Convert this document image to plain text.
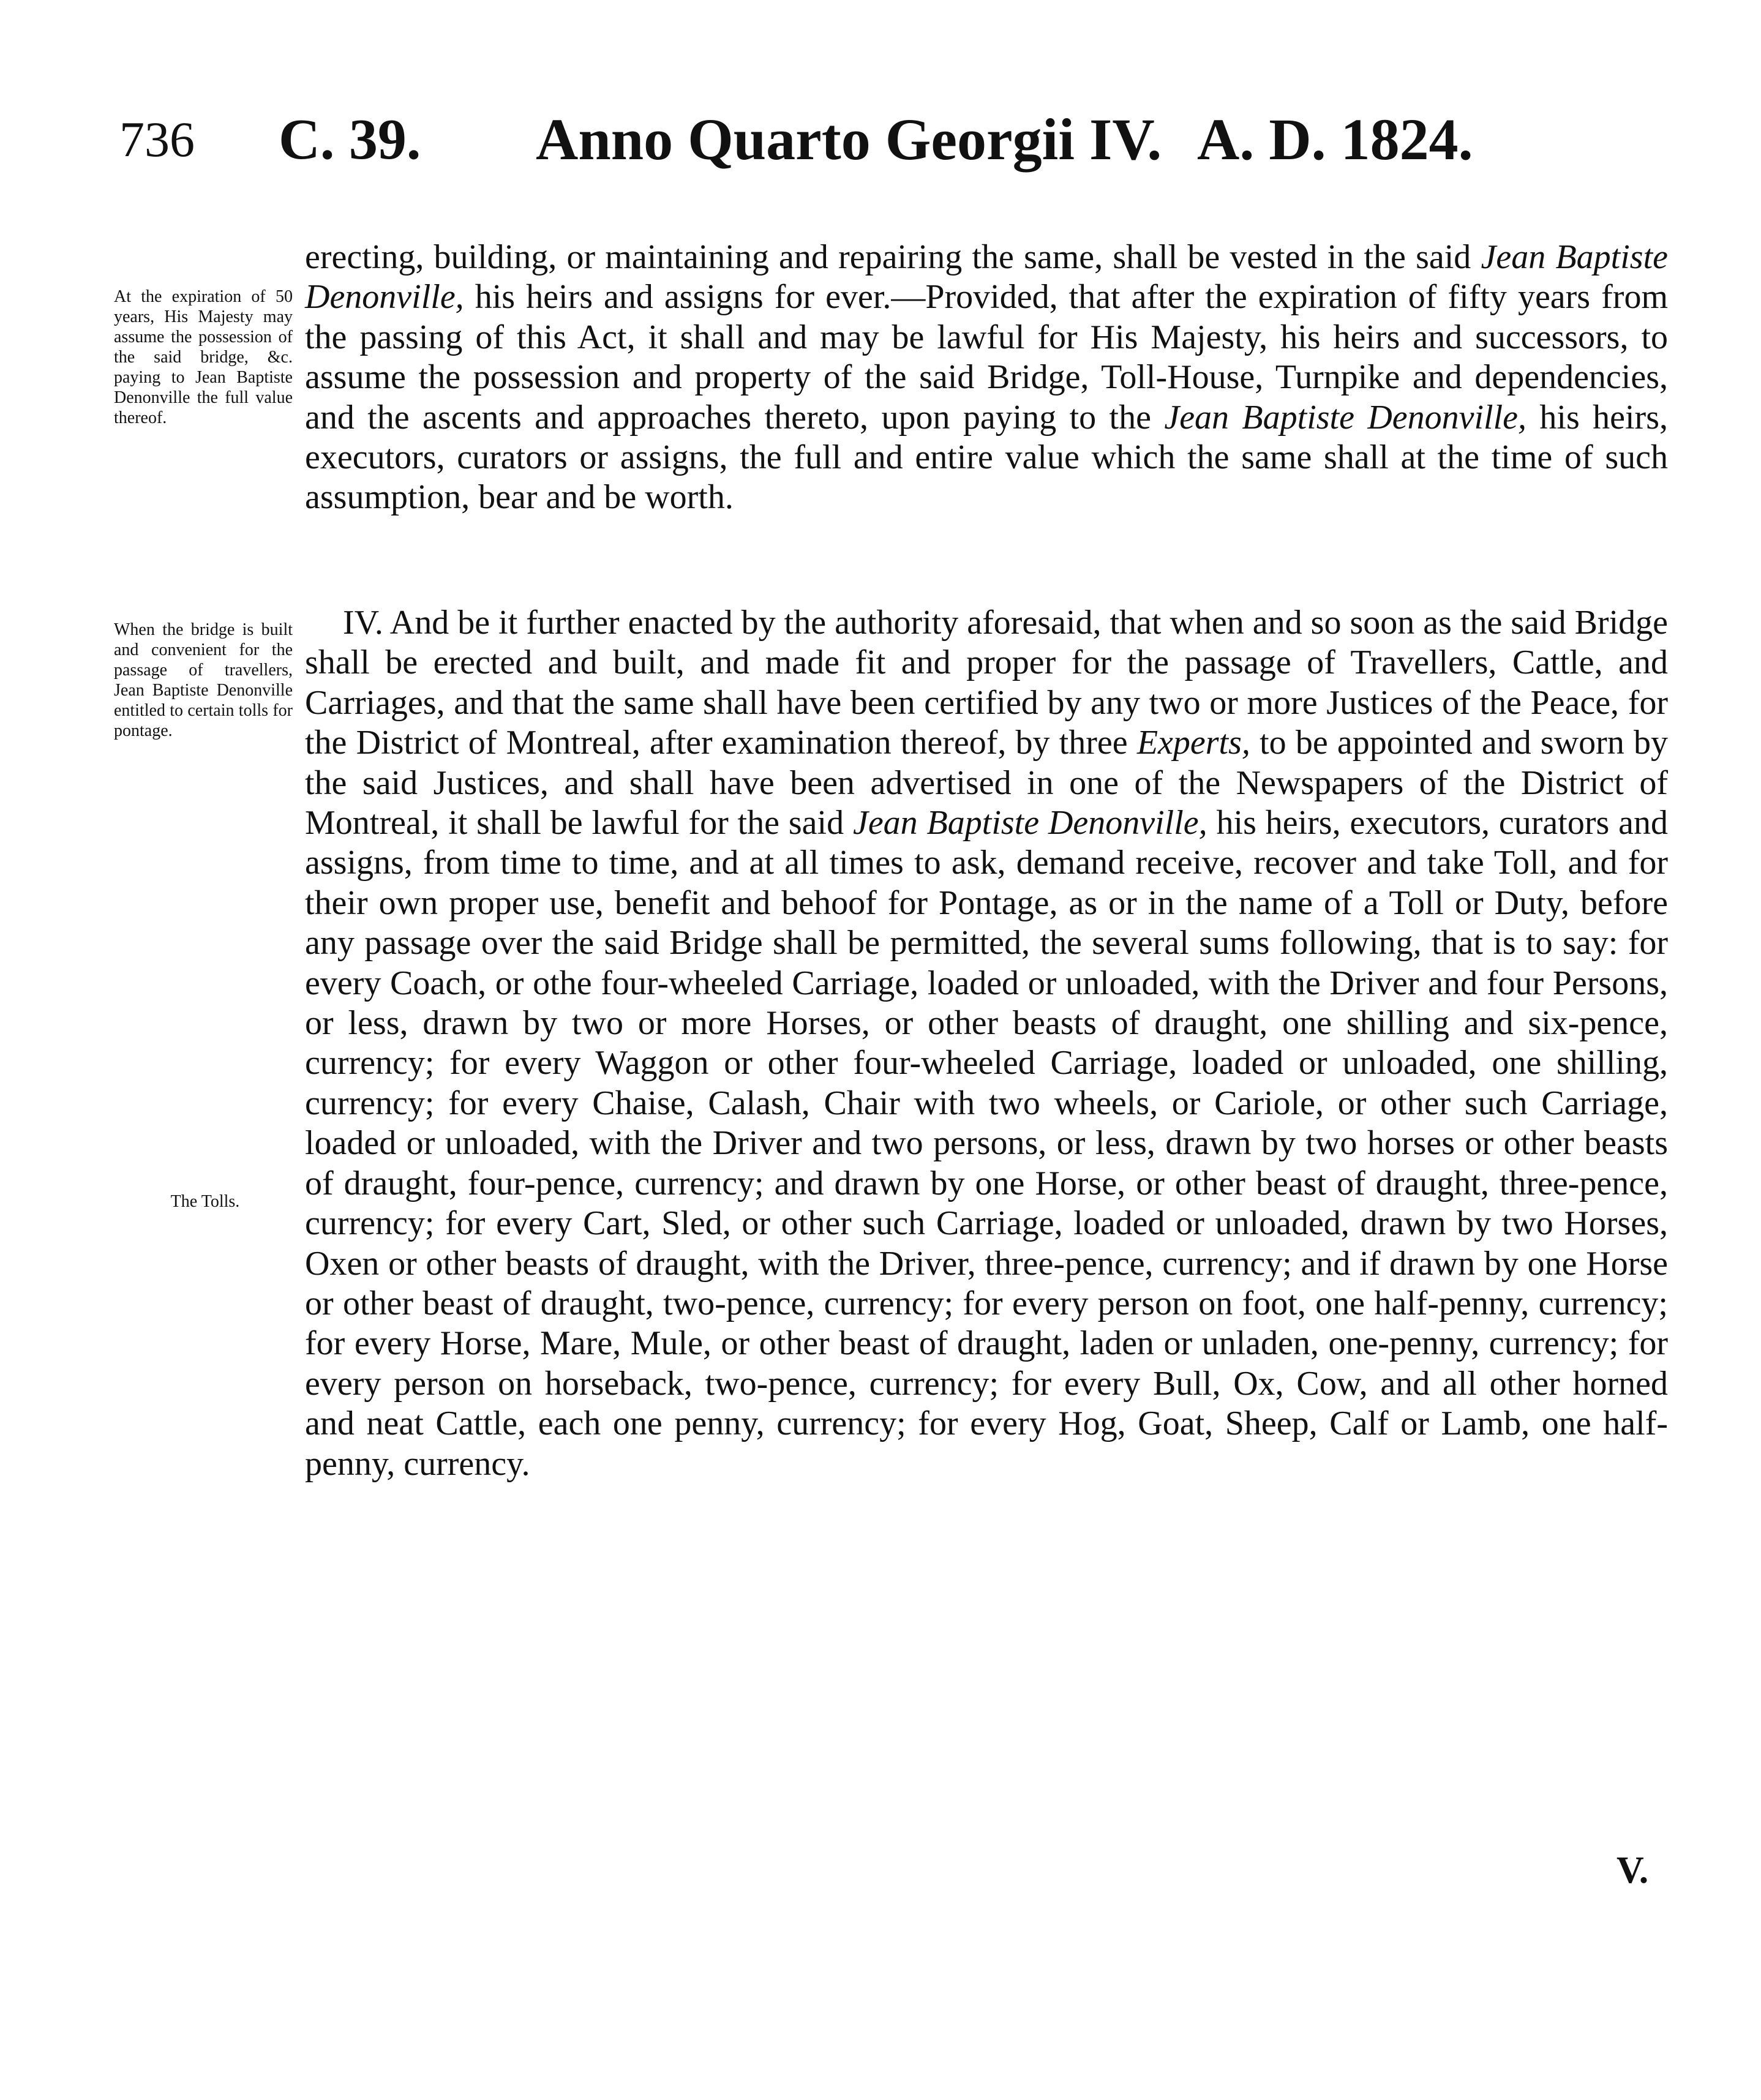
736 C. 39. Anno Quarto Georgii IV. A. D. 1824.
At the expiration of 50 years, His Majesty may assume the possession of the said bridge, &c. paying to Jean Baptiste Denonville the full value thereof.
When the bridge is built and convenient for the passage of travellers, Jean Baptiste Denonville entitled to certain tolls for pontage.
The Tolls.

erecting, building, or maintaining and repairing the same, shall be vested in the said Jean Baptiste Denonville, his heirs and assigns for ever.—Provided, that after the expiration of fifty years from the passing of this Act, it shall and may be lawful for His Majesty, his heirs and successors, to assume the possession and property of the said Bridge, Toll-House, Turnpike and dependencies, and the ascents and approaches thereto, upon paying to the Jean Baptiste Denonville, his heirs, executors, curators or assigns, the full and entire value which the same shall at the time of such assumption, bear and be worth.

IV. And be it further enacted by the authority aforesaid, that when and so soon as the said Bridge shall be erected and built, and made fit and proper for the passage of Travellers, Cattle, and Carriages, and that the same shall have been certified by any two or more Justices of the Peace, for the District of Montreal, after examination thereof, by three Experts, to be appointed and sworn by the said Justices, and shall have been advertised in one of the Newspapers of the District of Montreal, it shall be lawful for the said Jean Baptiste Denonville, his heirs, executors, curators and assigns, from time to time, and at all times to ask, demand receive, recover and take Toll, and for their own proper use, benefit and behoof for Pontage, as or in the name of a Toll or Duty, before any passage over the said Bridge shall be permitted, the several sums following, that is to say: for every Coach, or othe four-wheeled Carriage, loaded or unloaded, with the Driver and four Persons, or less, drawn by two or more Horses, or other beasts of draught, one shilling and six-pence, currency; for every Waggon or other four-wheeled Carriage, loaded or unloaded, one shilling, currency; for every Chaise, Calash, Chair with two wheels, or Cariole, or other such Carriage, loaded or unloaded, with the Driver and two persons, or less, drawn by two horses or other beasts of draught, four-pence, currency; and drawn by one Horse, or other beast of draught, three-pence, currency; for every Cart, Sled, or other such Carriage, loaded or unloaded, drawn by two Horses, Oxen or other beasts of draught, with the Driver, three-pence, currency; and if drawn by one Horse or other beast of draught, two-pence, currency; for every person on foot, one half-penny, currency; for every Horse, Mare, Mule, or other beast of draught, laden or unladen, one-penny, currency; for every person on horseback, two-pence, currency; for every Bull, Ox, Cow, and all other horned and neat Cattle, each one penny, currency; for every Hog, Goat, Sheep, Calf or Lamb, one half-penny, currency.

V.
